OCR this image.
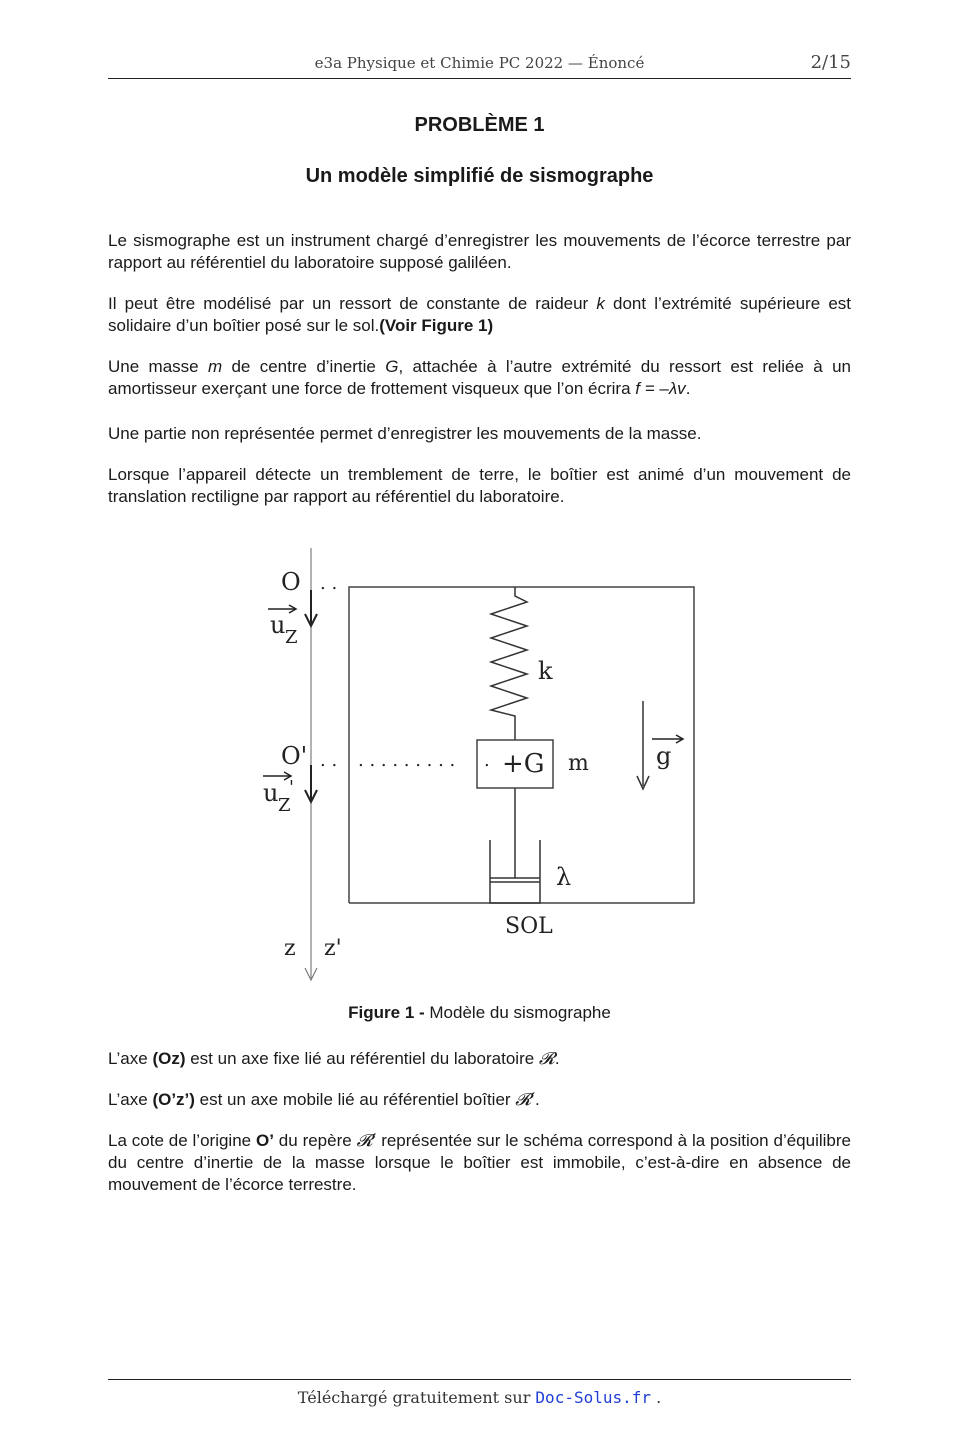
e3a Physique et Chimie PC 2022 — Énoncé	2/15
PROBLÈME 1
Un modèle simplifié de sismographe

Le sismographe est un instrument chargé d’enregistrer les mouvements de l’écorce terrestre par rapport au référentiel du laboratoire supposé galiléen.

Il peut être modélisé par un ressort de constante de raideur k dont l’extrémité supérieure est solidaire d’un boîtier posé sur le sol.(Voir Figure 1)

Une masse m de centre d’inertie G, attachée à l’autre extrémité du ressort est reliée à un amortisseur exerçant une force de frottement visqueux que l’on écrira f = –λv.

Une partie non représentée permet d’enregistrer les mouvements de la masse.

Lorsque l’appareil détecte un tremblement de terre, le boîtier est animé d’un mouvement de translation rectiligne par rapport au référentiel du laboratoire.

. .
. . . . . . . . . . . .
O
u Z
O'
u Z
'
k
+G m
λ
g
SOL
z z'
Figure 1 - Modèle du sismographe

L’axe (Oz) est un axe fixe lié au référentiel du laboratoire 𝓡.

L’axe (O’z’) est un axe mobile lié au référentiel boîtier 𝓡′.

La cote de l’origine O’ du repère 𝓡′ représentée sur le schéma correspond à la position d’équilibre du centre d’inertie de la masse lorsque le boîtier est immobile, c’est-à-dire en absence de mouvement de l’écorce terrestre.

Téléchargé gratuitement sur Doc-Solus.fr .
